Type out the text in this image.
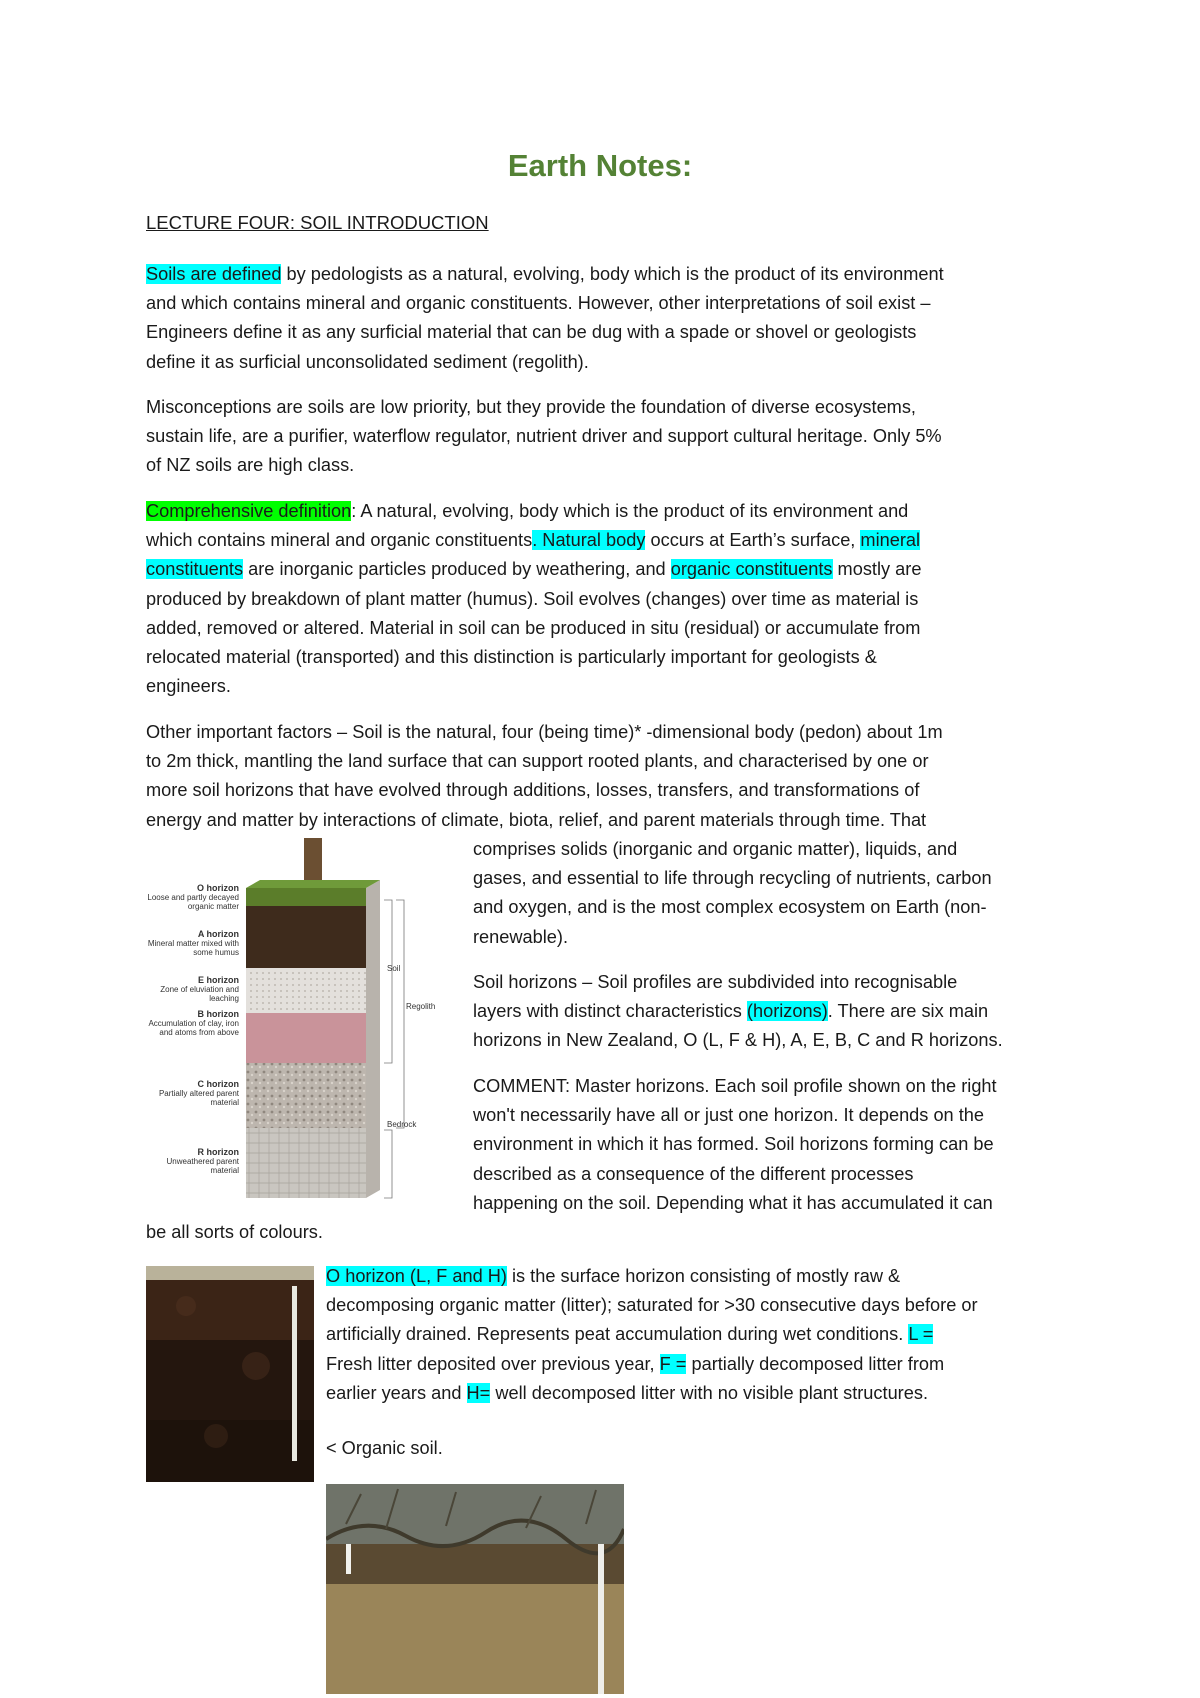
Earth Notes:
LECTURE FOUR: SOIL INTRODUCTION
Soils are defined by pedologists as a natural, evolving, body which is the product of its environment
and which contains mineral and organic constituents. However, other interpretations of soil exist –
Engineers define it as any surficial material that can be dug with a spade or shovel or geologists
define it as surficial unconsolidated sediment (regolith).
Misconceptions are soils are low priority, but they provide the foundation of diverse ecosystems,
sustain life, are a purifier, waterflow regulator, nutrient driver and support cultural heritage. Only 5%
of NZ soils are high class.
Comprehensive definition: A natural, evolving, body which is the product of its environment and
which contains mineral and organic constituents. Natural body occurs at Earth’s surface, mineral
constituents are inorganic particles produced by weathering, and organic constituents mostly are
produced by breakdown of plant matter (humus). Soil evolves (changes) over time as material is
added, removed or altered. Material in soil can be produced in situ (residual) or accumulate from
relocated material (transported) and this distinction is particularly important for geologists &
engineers.
Other important factors – Soil is the natural, four (being time)* -dimensional body (pedon) about 1m
to 2m thick, mantling the land surface that can support rooted plants, and characterised by one or
more soil horizons that have evolved through additions, losses, transfers, and transformations of
energy and matter by interactions of climate, biota, relief, and parent materials through time. That
comprises solids (inorganic and organic matter), liquids, and
gases, and essential to life through recycling of nutrients, carbon
and oxygen, and is the most complex ecosystem on Earth (non-
renewable).
Soil horizons – Soil profiles are subdivided into recognisable
layers with distinct characteristics (horizons). There are six main
horizons in New Zealand, O (L, F & H), A, E, B, C and R horizons.
COMMENT: Master horizons. Each soil profile shown on the right
won't necessarily have all or just one horizon. It depends on the
environment in which it has formed. Soil horizons forming can be
described as a consequence of the different processes
happening on the soil. Depending what it has accumulated it can
be all sorts of colours.
O horizon (L, F and H) is the surface horizon consisting of mostly raw &
decomposing organic matter (litter); saturated for >30 consecutive days before or
artificially drained. Represents peat accumulation during wet conditions. L =
Fresh litter deposited over previous year, F = partially decomposed litter from
earlier years and H= well decomposed litter with no visible plant structures.
< Organic soil.
O horizon
Loose and partly decayed organic matter
A horizon
Mineral matter mixed with some humus
E horizon
Zone of eluviation and leaching
B horizon
Accumulation of clay, iron and atoms from above
C horizon
Partially altered parent material
R horizon
Unweathered parent material
Soil
Regolith
Bedrock
